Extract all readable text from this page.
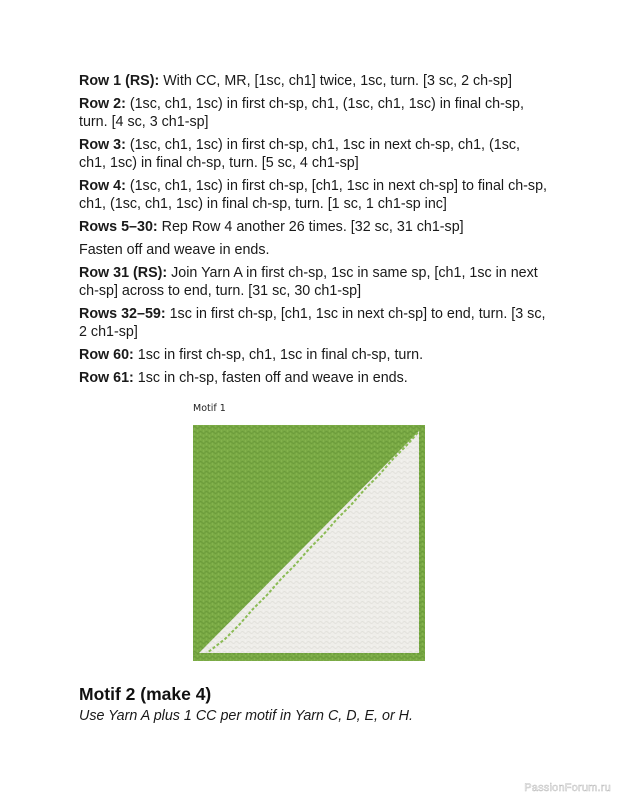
Row 1 (RS): With CC, MR, [1sc, ch1] twice, 1sc, turn. [3 sc, 2 ch-sp]

Row 2: (1sc, ch1, 1sc) in first ch-sp, ch1, (1sc, ch1, 1sc) in final ch-sp, turn. [4 sc, 3 ch1-sp]

Row 3: (1sc, ch1, 1sc) in first ch-sp, ch1, 1sc in next ch-sp, ch1, (1sc, ch1, 1sc) in final ch-sp, turn. [5 sc, 4 ch1-sp]

Row 4: (1sc, ch1, 1sc) in first ch-sp, [ch1, 1sc in next ch-sp] to final ch-sp, ch1, (1sc, ch1, 1sc) in final ch-sp, turn. [1 sc, 1 ch1-sp inc]

Rows 5–30: Rep Row 4 another 26 times. [32 sc, 31 ch1-sp]

Fasten off and weave in ends.

Row 31 (RS): Join Yarn A in first ch-sp, 1sc in same sp, [ch1, 1sc in next ch-sp] across to end, turn. [31 sc, 30 ch1-sp]

Rows 32–59: 1sc in first ch-sp, [ch1, 1sc in next ch-sp] to end, turn. [3 sc, 2 ch1-sp]

Row 60: 1sc in first ch-sp, ch1, 1sc in final ch-sp, turn.

Row 61: 1sc in ch-sp, fasten off and weave in ends.

Motif 1
Motif 2 (make 4)
Use Yarn A plus 1 CC per motif in Yarn C, D, E, or H.
PassionForum.ru
